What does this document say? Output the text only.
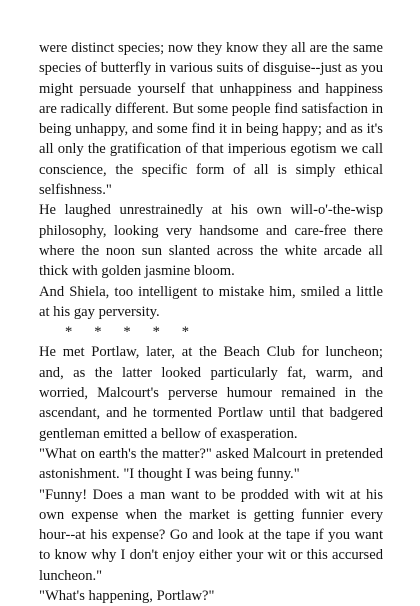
were distinct species; now they know they all are the same species of butterfly in various suits of disguise--just as you might persuade yourself that unhappiness and happiness are radically different. But some people find satisfaction in being unhappy, and some find it in being happy; and as it's all only the gratification of that imperious egotism we call conscience, the specific form of all is simply ethical selfishness."

He laughed unrestrainedly at his own will-o'-the-wisp philosophy, looking very handsome and care-free there where the noon sun slanted across the white arcade all thick with golden jasmine bloom.

And Shiela, too intelligent to mistake him, smiled a little at his gay perversity.

*      *      *      *      *

He met Portlaw, later, at the Beach Club for luncheon; and, as the latter looked particularly fat, warm, and worried, Malcourt's perverse humour remained in the ascendant, and he tormented Portlaw until that badgered gentleman emitted a bellow of exasperation.

"What on earth's the matter?" asked Malcourt in pretended astonishment. "I thought I was being funny."

"Funny! Does a man want to be prodded with wit at his own expense when the market is getting funnier every hour--at his expense? Go and look at the tape if you want to know why I don't enjoy either your wit or this accursed luncheon."

"What's happening, Portlaw?"
